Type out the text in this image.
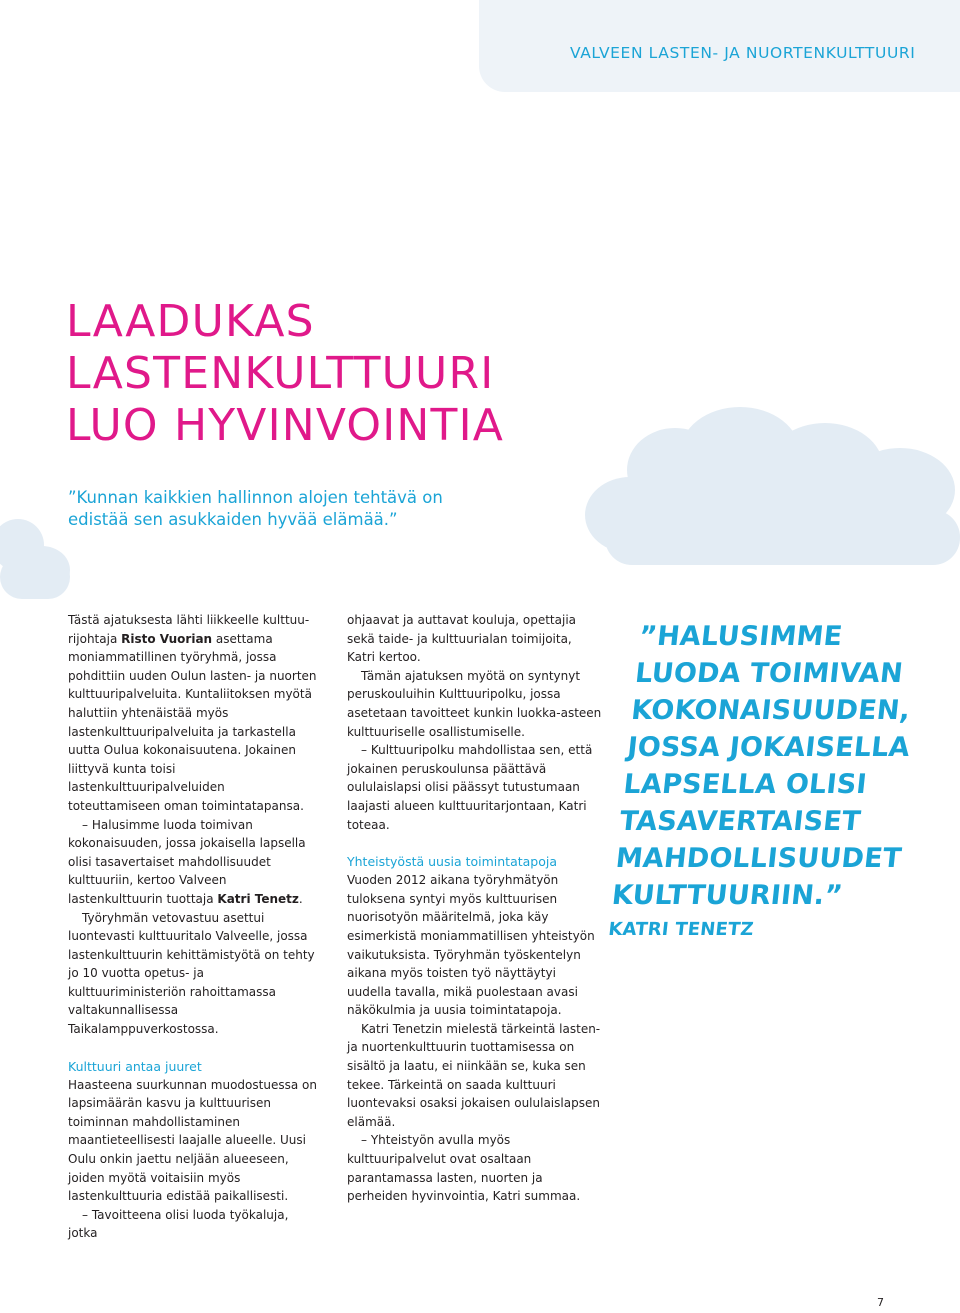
VALVEEN LASTEN- JA NUORTENKULTTUURI
LAADUKAS
LASTENKULTTUURI
LUO HYVINVOINTIA

”Kunnan kaikkien hallinnon alojen tehtävä on edistää sen asukkaiden hyvää elämää.”

Tästä ajatuksesta lähti liikkeelle kulttuu-rijohtaja Risto Vuorian asettama moniammatillinen työryhmä, jossa pohdittiin uuden Oulun lasten- ja nuorten kulttuuripalveluita. Kuntaliitoksen myötä haluttiin yhtenäistää myös lastenkulttuuripalveluita ja tarkastella uutta Oulua kokonaisuutena. Jokainen liittyvä kunta toisi lastenkulttuuripalveluiden toteuttamiseen oman toimintatapansa.

– Halusimme luoda toimivan kokonaisuuden, jossa jokaisella lapsella olisi tasavertaiset mahdollisuudet kulttuuriin, kertoo Valveen lastenkulttuurin tuottaja Katri Tenetz.

Työryhmän vetovastuu asettui luontevasti kulttuuritalo Valveelle, jossa lastenkulttuurin kehittämistyötä on tehty jo 10 vuotta opetus- ja kulttuuriministeriön rahoittamassa valtakunnallisessa Taikalamppuverkostossa.

Kulttuuri antaa juuret

Haasteena suurkunnan muodostuessa on lapsimäärän kasvu ja kulttuurisen toiminnan mahdollistaminen maantieteellisesti laajalle alueelle. Uusi Oulu onkin jaettu neljään alueeseen, joiden myötä voitaisiin myös lastenkulttuuria edistää paikallisesti.

– Tavoitteena olisi luoda työkaluja, jotka

ohjaavat ja auttavat kouluja, opettajia sekä taide- ja kulttuurialan toimijoita, Katri kertoo.

Tämän ajatuksen myötä on syntynyt peruskouluihin Kulttuuripolku, jossa asetetaan tavoitteet kunkin luokka-asteen kulttuuriselle osallistumiselle.

– Kulttuuripolku mahdollistaa sen, että jokainen peruskoulunsa päättävä oululaislapsi olisi päässyt tutustumaan laajasti alueen kulttuuritarjontaan, Katri toteaa.

Yhteistyöstä uusia toimintatapoja

Vuoden 2012 aikana työryhmätyön tuloksena syntyi myös kulttuurisen nuorisotyön määritelmä, joka käy esimerkistä moniammatillisen yhteistyön vaikutuksista. Työryhmän työskentelyn aikana myös toisten työ näyttäytyi uudella tavalla, mikä puolestaan avasi näkökulmia ja uusia toimintatapoja.

Katri Tenetzin mielestä tärkeintä lasten- ja nuortenkulttuurin tuottamisessa on sisältö ja laatu, ei niinkään se, kuka sen tekee. Tärkeintä on saada kulttuuri luontevaksi osaksi jokaisen oululaislapsen elämää.

– Yhteistyön avulla myös kulttuuripalvelut ovat osaltaan parantamassa lasten, nuorten ja perheiden hyvinvointia, Katri summaa.

”HALUSIMME
LUODA TOIMIVAN
KOKONAISUUDEN,
JOSSA JOKAISELLA
LAPSELLA OLISI
TASAVERTAISET
MAHDOLLISUUDET
KULTTUURIIN.”
KATRI TENETZ
7
